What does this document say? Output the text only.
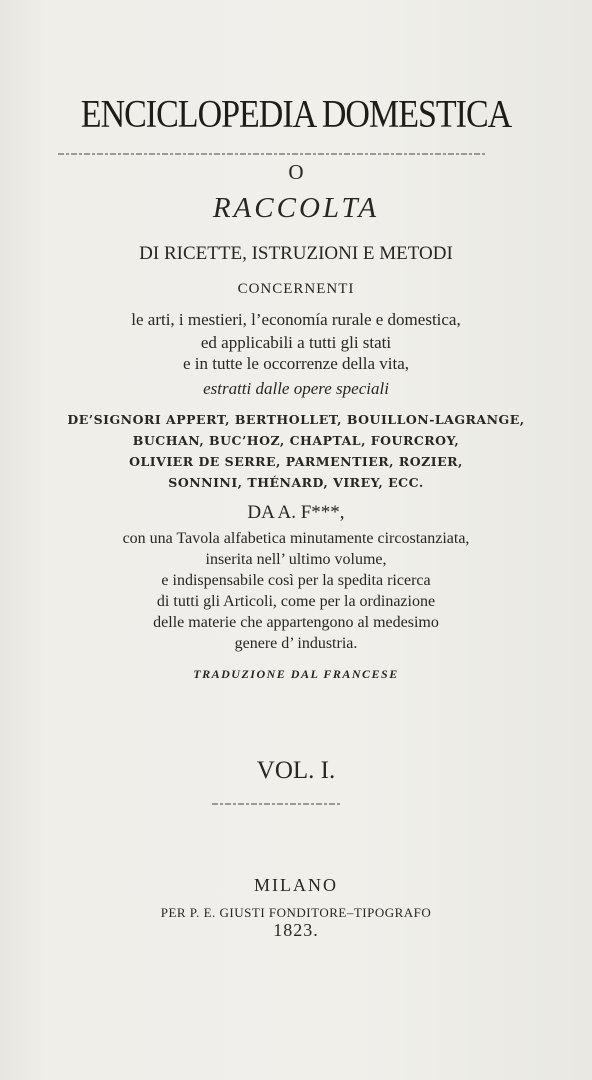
ENCICLOPEDIA DOMESTICA
O
RACCOLTA
DI RICETTE, ISTRUZIONI E METODI
CONCERNENTI
le arti, i mestieri, l’economía rurale e domestica,
ed applicabili a tutti gli stati
e in tutte le occorrenze della vita,
estratti dalle opere speciali
DE’SIGNORI APPERT, BERTHOLLET, BOUILLON-LAGRANGE,
BUCHAN, BUC’HOZ, CHAPTAL, FOURCROY,
OLIVIER DE SERRE, PARMENTIER, ROZIER,
SONNINI, THÉNARD, VIREY, ECC.
DA A. F***,
con una Tavola alfabetica minutamente circostanziata,
inserita nell’ ultimo volume,
e indispensabile così per la spedita ricerca
di tutti gli Articoli, come per la ordinazione
delle materie che appartengono al medesimo
genere d’ industria.
TRADUZIONE DAL FRANCESE
VOL. I.
MILANO
PER P. E. GIUSTI FONDITORE–TIPOGRAFO
1823.
